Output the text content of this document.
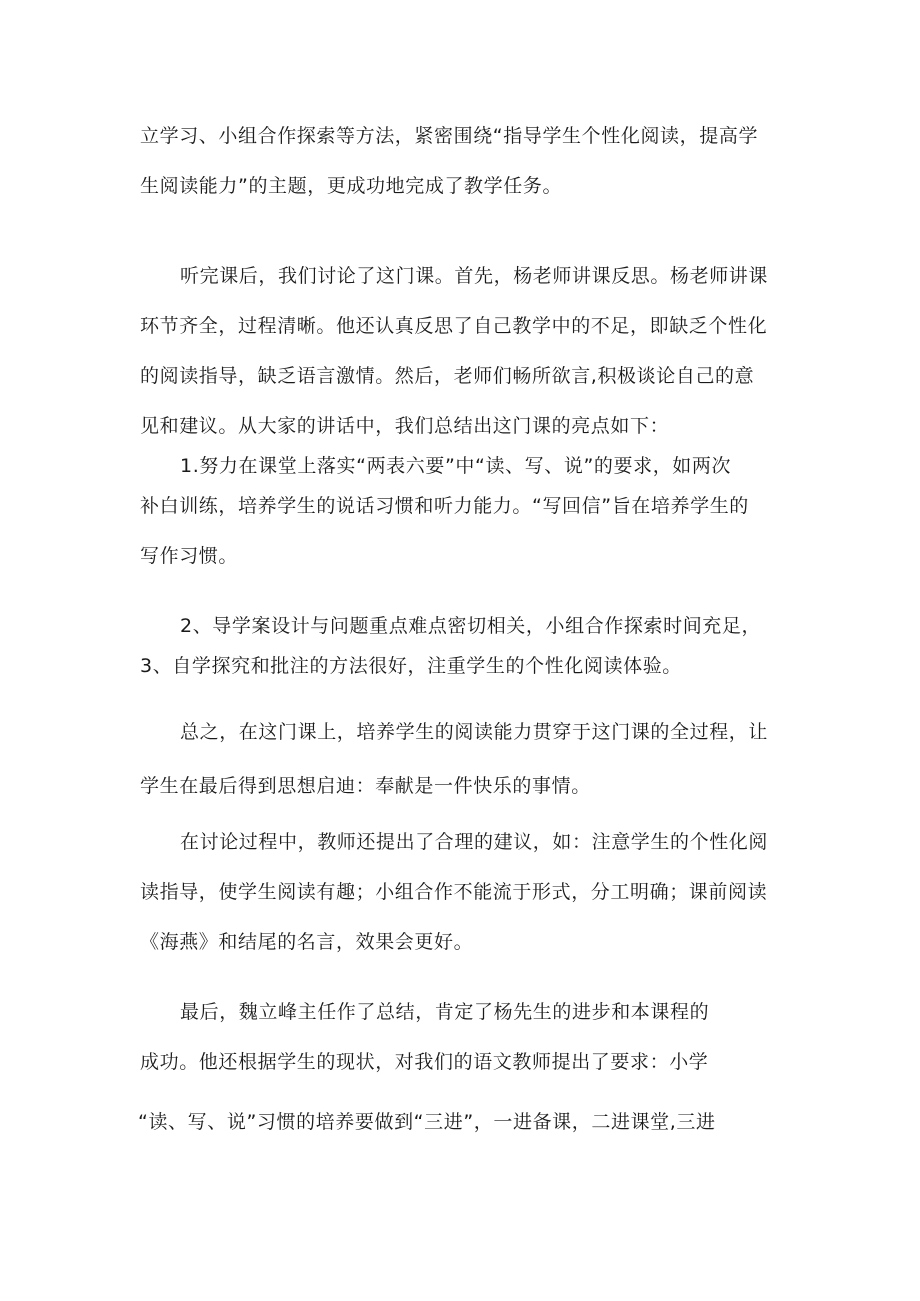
立学习、小组合作探索等方法，紧密围绕“指导学生个性化阅读，提高学
生阅读能力”的主题，更成功地完成了教学任务。
听完课后，我们讨论了这门课。首先，杨老师讲课反思。杨老师讲课
环节齐全，过程清晰。他还认真反思了自己教学中的不足，即缺乏个性化
的阅读指导，缺乏语言激情。然后，老师们畅所欲言,积极谈论自己的意
见和建议。从大家的讲话中，我们总结出这门课的亮点如下：
1.努力在课堂上落实“两表六要”中“读、写、说”的要求，如两次
补白训练，培养学生的说话习惯和听力能力。“写回信”旨在培养学生的
写作习惯。
2、导学案设计与问题重点难点密切相关，小组合作探索时间充足，
3、自学探究和批注的方法很好，注重学生的个性化阅读体验。
总之，在这门课上，培养学生的阅读能力贯穿于这门课的全过程，让
学生在最后得到思想启迪：奉献是一件快乐的事情。
在讨论过程中，教师还提出了合理的建议，如：注意学生的个性化阅
读指导，使学生阅读有趣；小组合作不能流于形式，分工明确；课前阅读
《海燕》和结尾的名言，效果会更好。
最后，魏立峰主任作了总结，肯定了杨先生的进步和本课程的
成功。他还根据学生的现状，对我们的语文教师提出了要求：小学
“读、写、说”习惯的培养要做到“三进”，一进备课，二进课堂,三进
